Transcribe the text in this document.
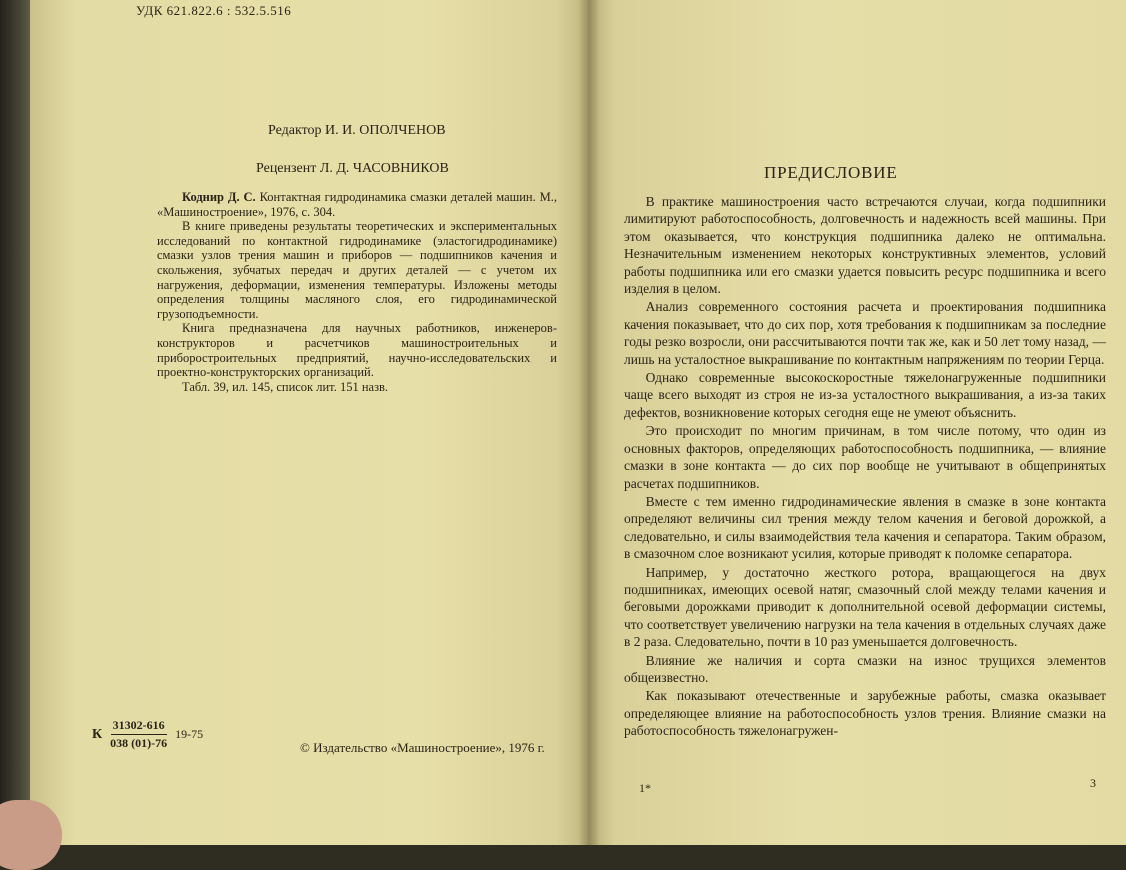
УДК 621.822.6 : 532.5.516
Редактор И. И. ОПОЛЧЕНОВ
Рецензент Л. Д. ЧАСОВНИКОВ

Коднир Д. С. Контактная гидродинамика смазки деталей машин. М., «Машиностроение», 1976, с. 304.

В книге приведены результаты теоретических и экспериментальных исследований по контактной гидродинамике (эластогидродинамике) смазки узлов трения машин и приборов — подшипников качения и скольжения, зубчатых передач и других деталей — с учетом их нагружения, деформации, изменения температуры. Изложены методы определения толщины масляного слоя, его гидродинамической грузоподъемности.

Книга предназначена для научных работников, инженеров-конструкторов и расчетчиков машиностроительных и приборостроительных предприятий, научно-исследовательских и проектно-конструкторских организаций.

Табл. 39, ил. 145, список лит. 151 назв.

К $\frac{31302-616}{038 (01)-76} 19-75$
© Издательство «Машиностроение», 1976 г.
ПРЕДИСЛОВИЕ

В практике машиностроения часто встречаются случаи, когда подшипники лимитируют работоспособность, долговечность и надежность всей машины. При этом оказывается, что конструкция подшипника далеко не оптимальна. Незначительным изменением некоторых конструктивных элементов, условий работы подшипника или его смазки удается повысить ресурс подшипника и всего изделия в целом.

Анализ современного состояния расчета и проектирования подшипника качения показывает, что до сих пор, хотя требования к подшипникам за последние годы резко возросли, они рассчитываются почти так же, как и 50 лет тому назад, — лишь на усталостное выкрашивание по контактным напряжениям по теории Герца.

Однако современные высокоскоростные тяжелонагруженные подшипники чаще всего выходят из строя не из-за усталостного выкрашивания, а из-за таких дефектов, возникновение которых сегодня еще не умеют объяснить.

Это происходит по многим причинам, в том числе потому, что один из основных факторов, определяющих работоспособность подшипника, — влияние смазки в зоне контакта — до сих пор вообще не учитывают в общепринятых расчетах подшипников.

Вместе с тем именно гидродинамические явления в смазке в зоне контакта определяют величины сил трения между телом качения и беговой дорожкой, а следовательно, и силы взаимодействия тела качения и сепаратора. Таким образом, в смазочном слое возникают усилия, которые приводят к поломке сепаратора.

Например, у достаточно жесткого ротора, вращающегося на двух подшипниках, имеющих осевой натяг, смазочный слой между телами качения и беговыми дорожками приводит к дополнительной осевой деформации системы, что соответствует увеличению нагрузки на тела качения в отдельных случаях даже в 2 раза. Следовательно, почти в 10 раз уменьшается долговечность.

Влияние же наличия и сорта смазки на износ трущихся элементов общеизвестно.

Как показывают отечественные и зарубежные работы, смазка оказывает определяющее влияние на работоспособность узлов трения. Влияние смазки на работоспособность тяжелонагружен-

1*	3
